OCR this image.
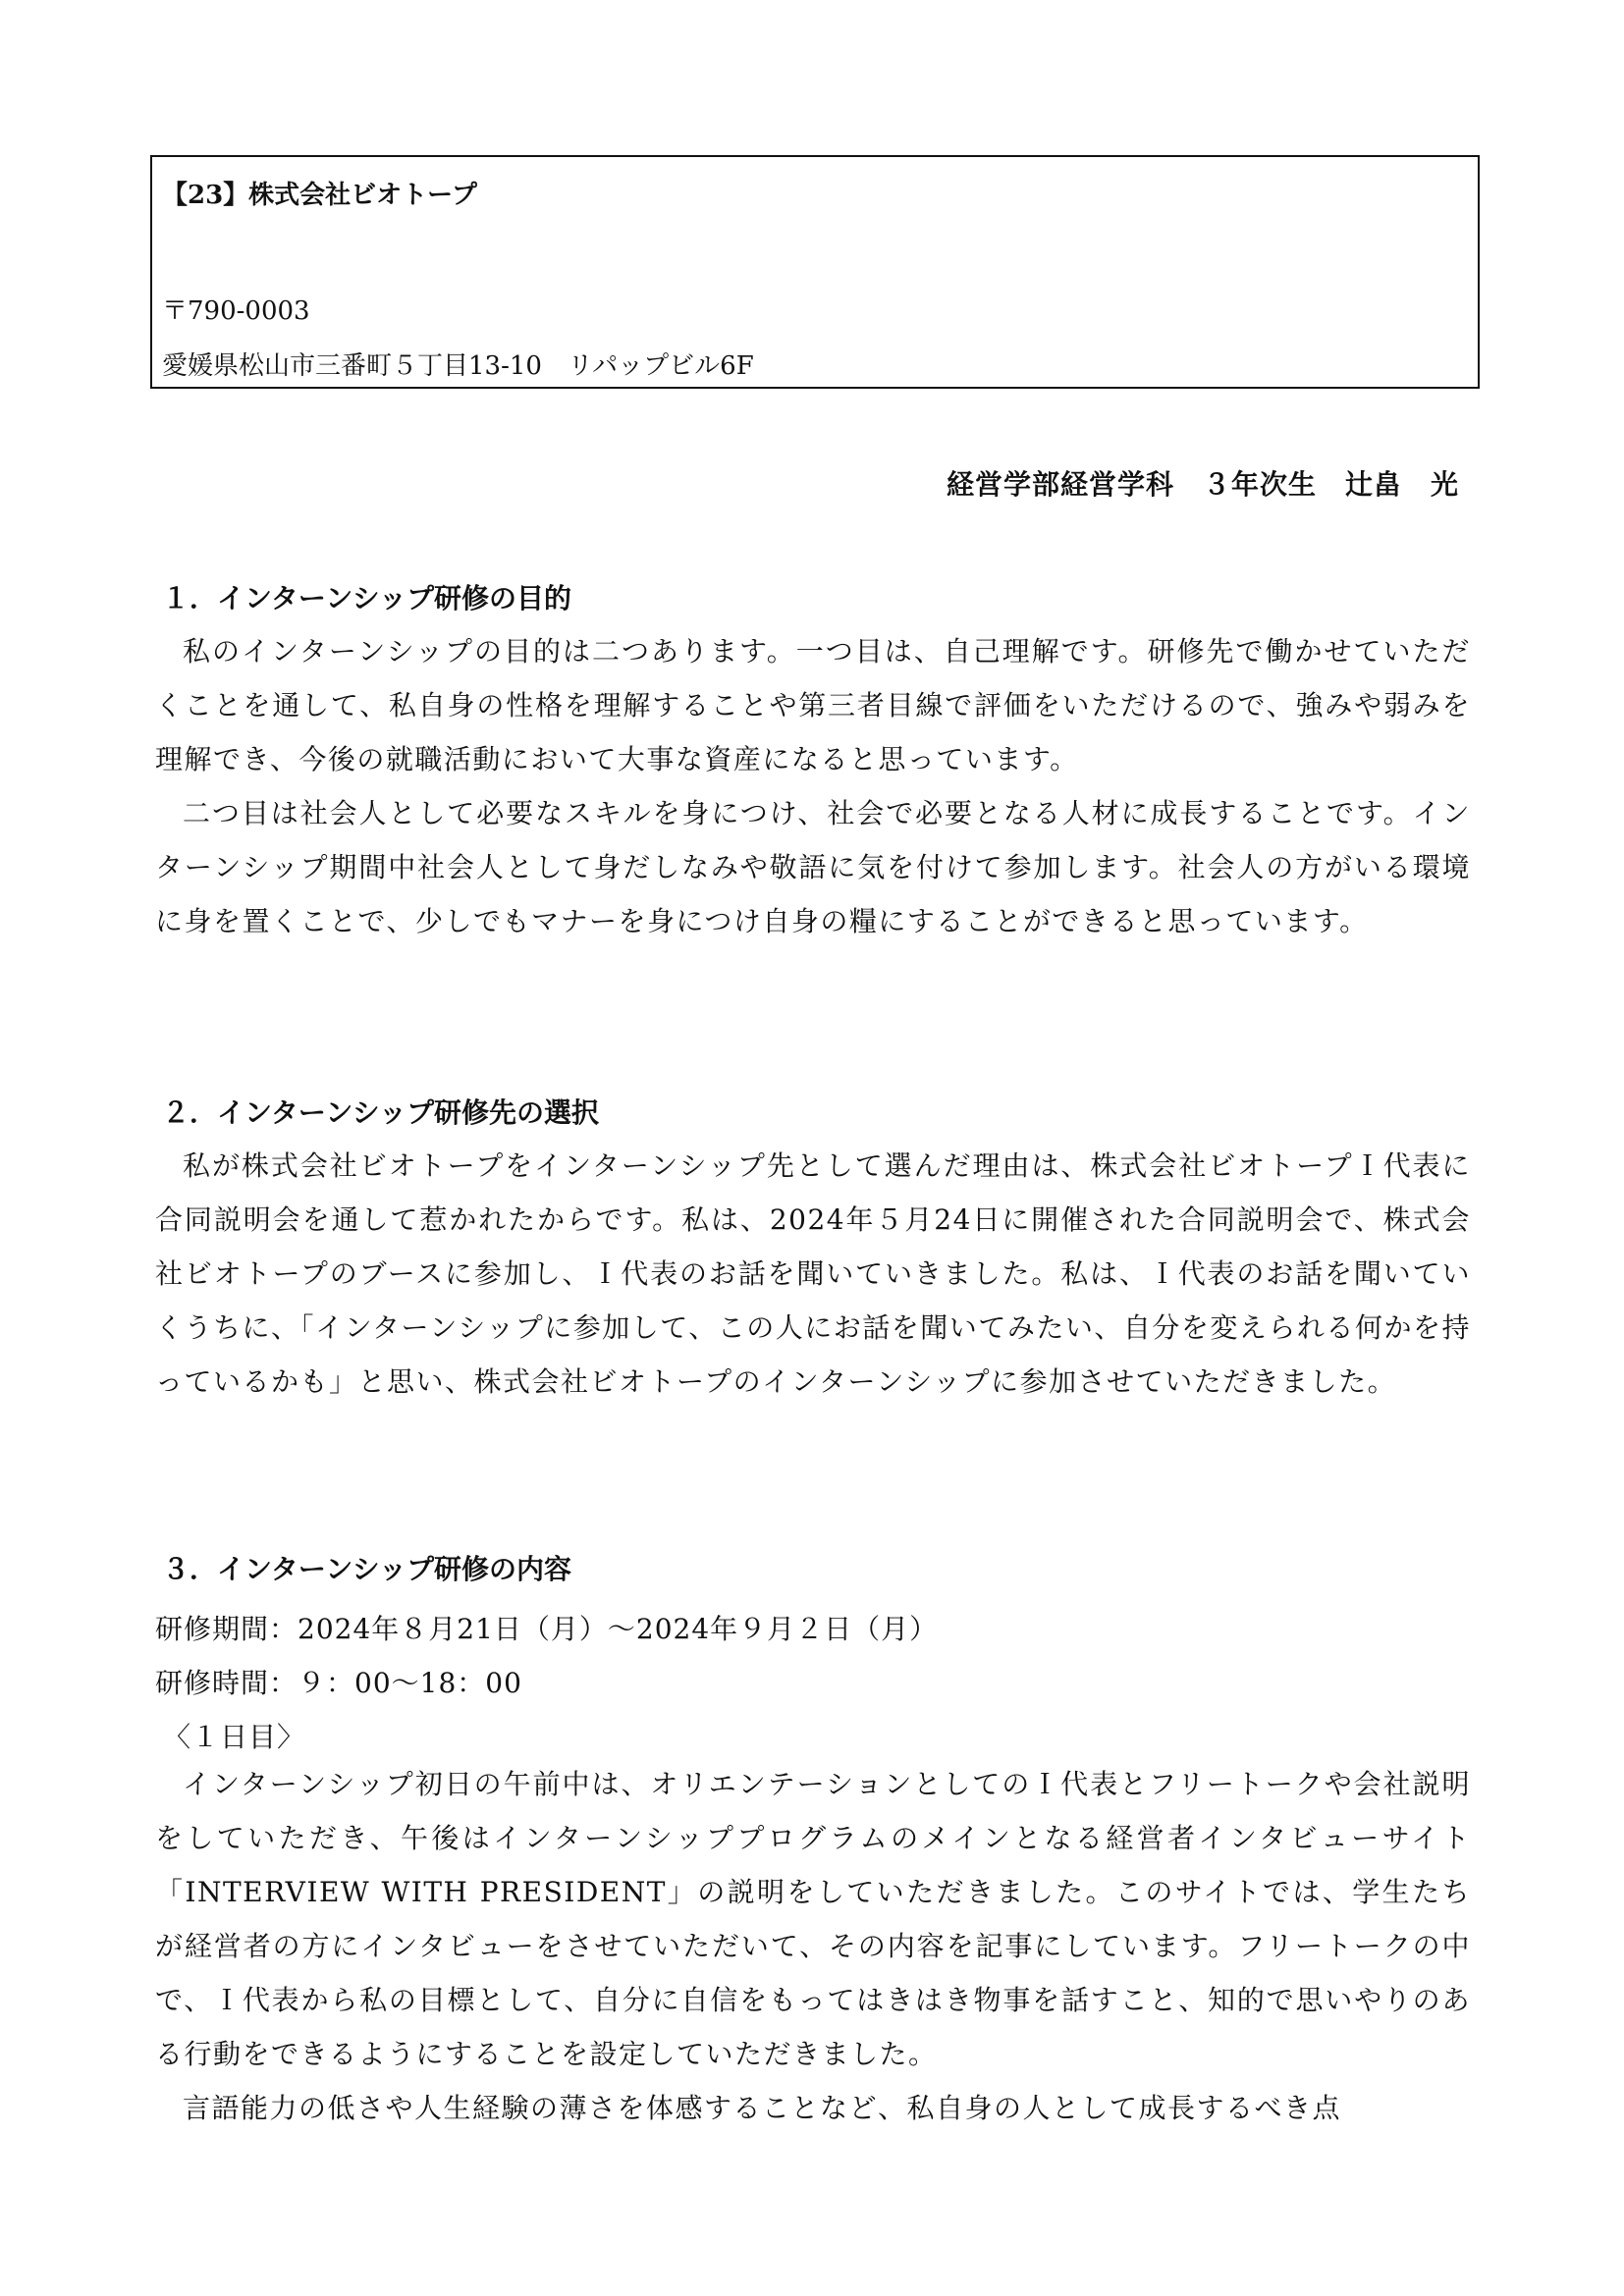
【23】株式会社ビオトープ
〒790-0003
愛媛県松山市三番町５丁目13-10　リパップビル6F
経営学部経営学科　３年次生　辻畠　光
１．インターンシップ研修の目的
私のインターンシップの目的は二つあります。一つ目は、自己理解です。研修先で働かせていただくことを通して、私自身の性格を理解することや第三者目線で評価をいただけるので、強みや弱みを理解でき、今後の就職活動において大事な資産になると思っています。
二つ目は社会人として必要なスキルを身につけ、社会で必要となる人材に成長することです。インターンシップ期間中社会人として身だしなみや敬語に気を付けて参加します。社会人の方がいる環境に身を置くことで、少しでもマナーを身につけ自身の糧にすることができると思っています。
２．インターンシップ研修先の選択
私が株式会社ビオトープをインターンシップ先として選んだ理由は、株式会社ビオトープＩ代表に合同説明会を通して惹かれたからです。私は、2024年５月24日に開催された合同説明会で、株式会社ビオトープのブースに参加し、Ｉ代表のお話を聞いていきました。私は、Ｉ代表のお話を聞いていくうちに、「インターンシップに参加して、この人にお話を聞いてみたい、自分を変えられる何かを持っているかも」と思い、株式会社ビオトープのインターンシップに参加させていただきました。
３．インターンシップ研修の内容
研修期間：2024年８月21日（月）～2024年９月２日（月）
研修時間：９：00～18：00
〈１日目〉
インターンシップ初日の午前中は、オリエンテーションとしてのＩ代表とフリートークや会社説明をしていただき、午後はインターンシッププログラムのメインとなる経営者インタビューサイト「INTERVIEW WITH PRESIDENT」の説明をしていただきました。このサイトでは、学生たちが経営者の方にインタビューをさせていただいて、その内容を記事にしています。フリートークの中で、Ｉ代表から私の目標として、自分に自信をもってはきはき物事を話すこと、知的で思いやりのある行動をできるようにすることを設定していただきました。
言語能力の低さや人生経験の薄さを体感することなど、私自身の人として成長するべき点
